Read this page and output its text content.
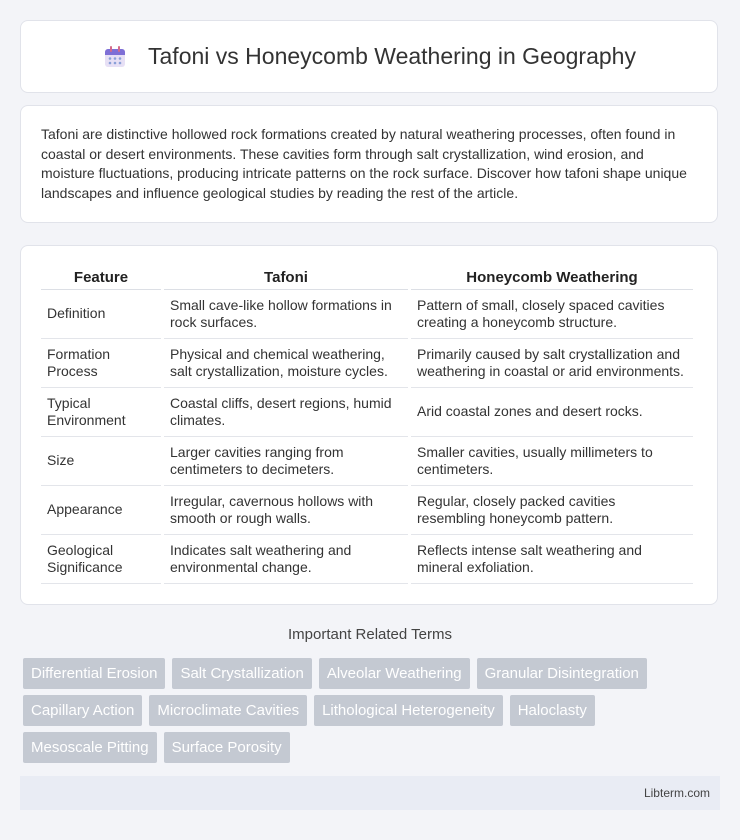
Tafoni vs Honeycomb Weathering in Geography

Tafoni are distinctive hollowed rock formations created by natural weathering processes, often found in coastal or desert environments. These cavities form through salt crystallization, wind erosion, and moisture fluctuations, producing intricate patterns on the rock surface. Discover how tafoni shape unique landscapes and influence geological studies by reading the rest of the article.

Feature	Tafoni	Honeycomb Weathering
Definition	Small cave-like hollow formations in rock surfaces.	Pattern of small, closely spaced cavities creating a honeycomb structure.
Formation Process	Physical and chemical weathering, salt crystallization, moisture cycles.	Primarily caused by salt crystallization and weathering in coastal or arid environments.
Typical Environment	Coastal cliffs, desert regions, humid climates.	Arid coastal zones and desert rocks.
Size	Larger cavities ranging from centimeters to decimeters.	Smaller cavities, usually millimeters to centimeters.
Appearance	Irregular, cavernous hollows with smooth or rough walls.	Regular, closely packed cavities resembling honeycomb pattern.
Geological Significance	Indicates salt weathering and environmental change.	Reflects intense salt weathering and mineral exfoliation.
Important Related Terms
Differential Erosion	Salt Crystallization	Alveolar Weathering	Granular Disintegration
Capillary Action	Microclimate Cavities	Lithological Heterogeneity	Haloclasty
Mesoscale Pitting	Surface Porosity
Libterm.com
